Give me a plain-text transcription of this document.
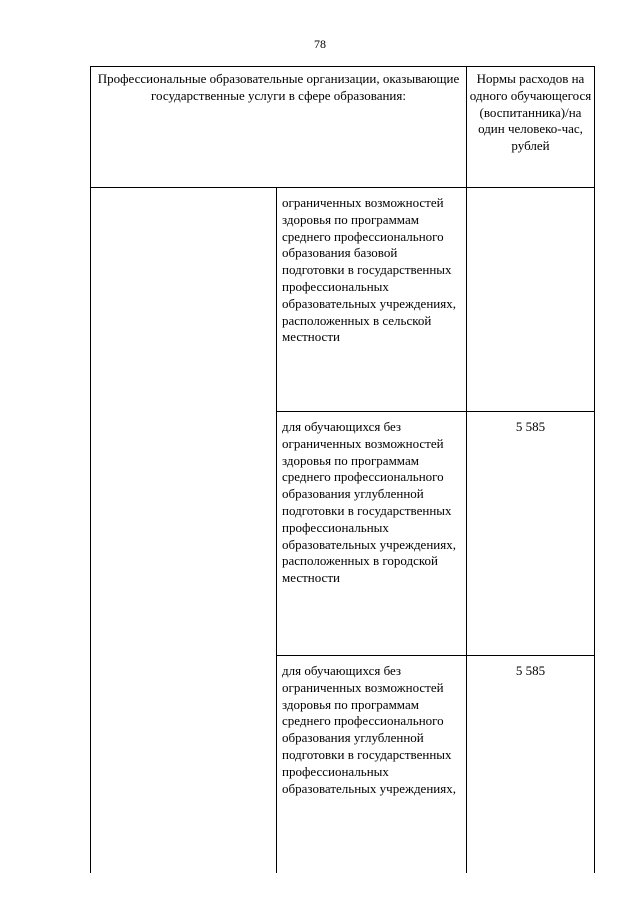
78
Профессиональные образовательные организации, оказывающие государственные услуги в сфере образования:		Нормы расходов на одного обучающегося (воспитанника)/на один человеко-час, рублей
	ограниченных возможностей здоровья по программам среднего профессионального образования базовой подготовки в государственных профессиональных образовательных учреждениях, расположенных в сельской местности	
	для обучающихся без ограниченных возможностей здоровья по программам среднего профессионального образования углубленной подготовки в государственных профессиональных образовательных учреждениях, расположенных в городской местности	5 585
	для обучающихся без ограниченных возможностей здоровья по программам среднего профессионального образования углубленной подготовки в государственных профессиональных образовательных учреждениях,	5 585
